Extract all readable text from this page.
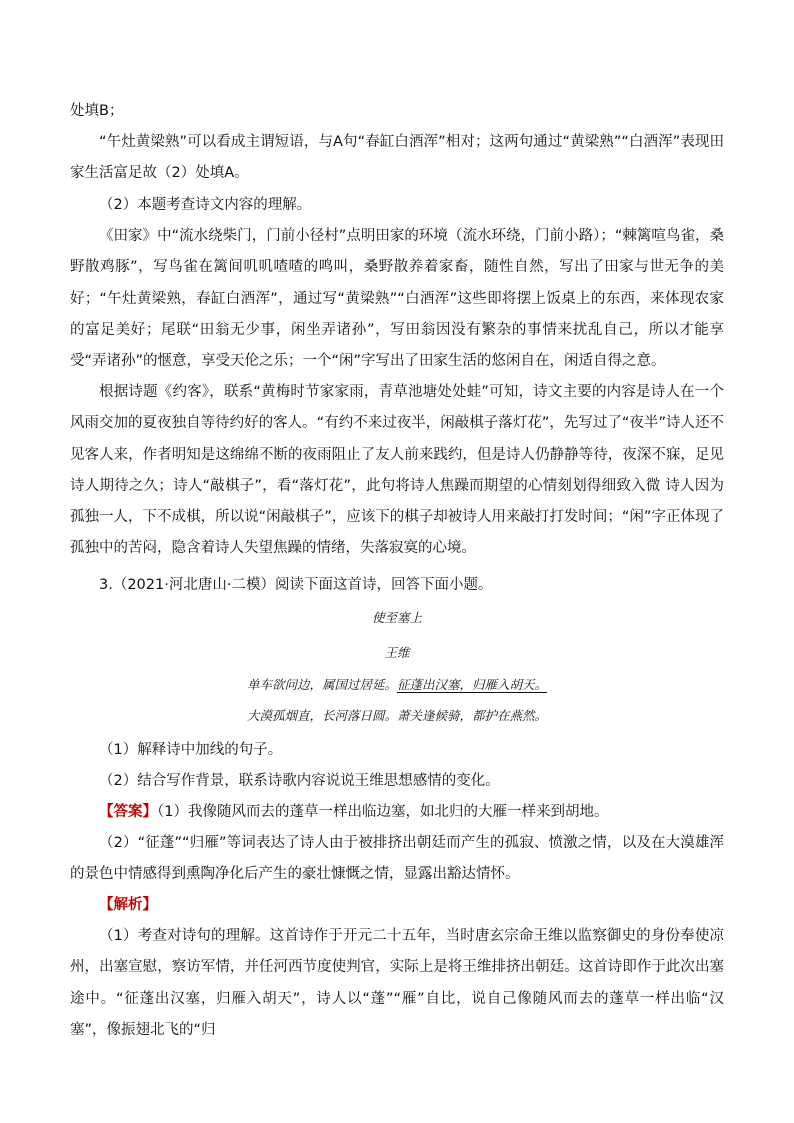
处填B；

“午灶黄梁熟”可以看成主谓短语，与A句“春缸白酒浑”相对；这两句通过“黄梁熟”“白酒浑”表现田家生活富足故（2）处填A。

（2）本题考查诗文内容的理解。

《田家》中“流水绕柴门，门前小径村”点明田家的环境（流水环绕，门前小路）；“棘篱喧鸟雀，桑野散鸡豚”，写鸟雀在篱间叽叽喳喳的鸣叫，桑野散养着家畜，随性自然，写出了田家与世无争的美好；“午灶黄梁熟，春缸白酒浑”，通过写“黄梁熟”“白酒浑”这些即将摆上饭桌上的东西，来体现农家的富足美好；尾联“田翁无少事，闲坐弄诸孙”，写田翁因没有繁杂的事情来扰乱自己，所以才能享受“弄诸孙”的惬意，享受天伦之乐；一个“闲”字写出了田家生活的悠闲自在，闲适自得之意。

根据诗题《约客》，联系“黄梅时节家家雨，青草池塘处处蛙”可知，诗文主要的内容是诗人在一个风雨交加的夏夜独自等待约好的客人。“有约不来过夜半，闲敲棋子落灯花”，先写过了“夜半”诗人还不见客人来，作者明知是这绵绵不断的夜雨阻止了友人前来践约，但是诗人仍静静等待，夜深不寐，足见诗人期待之久；诗人“敲棋子”，看“落灯花”，此句将诗人焦躁而期望的心情刻划得细致入微 诗人因为孤独一人，下不成棋，所以说“闲敲棋子”，应该下的棋子却被诗人用来敲打打发时间；“闲”字正体现了孤独中的苦闷，隐含着诗人失望焦躁的情绪，失落寂寞的心境。

3.（2021·河北唐山·二模）阅读下面这首诗，回答下面小题。

使至塞上

王维

单车欲问边，属国过居延。征蓬出汉塞，归雁入胡天。

大漠孤烟直，长河落日圆。萧关逢候骑，都护在燕然。

（1）解释诗中加线的句子。

（2）结合写作背景，联系诗歌内容说说王维思想感情的变化。

【答案】（1）我像随风而去的蓬草一样出临边塞，如北归的大雁一样来到胡地。

（2）“征蓬”“归雁”等词表达了诗人由于被排挤出朝廷而产生的孤寂、愤激之情，以及在大漠雄浑的景色中情感得到熏陶净化后产生的豪壮慷慨之情，显露出豁达情怀。

【解析】

（1）考查对诗句的理解。这首诗作于开元二十五年，当时唐玄宗命王维以监察御史的身份奉使凉州，出塞宣慰，察访军情，并任河西节度使判官，实际上是将王维排挤出朝廷。这首诗即作于此次出塞途中。“征蓬出汉塞，归雁入胡天”，诗人以“蓬”“雁”自比，说自己像随风而去的蓬草一样出临“汉塞”，像振翅北飞的“归
